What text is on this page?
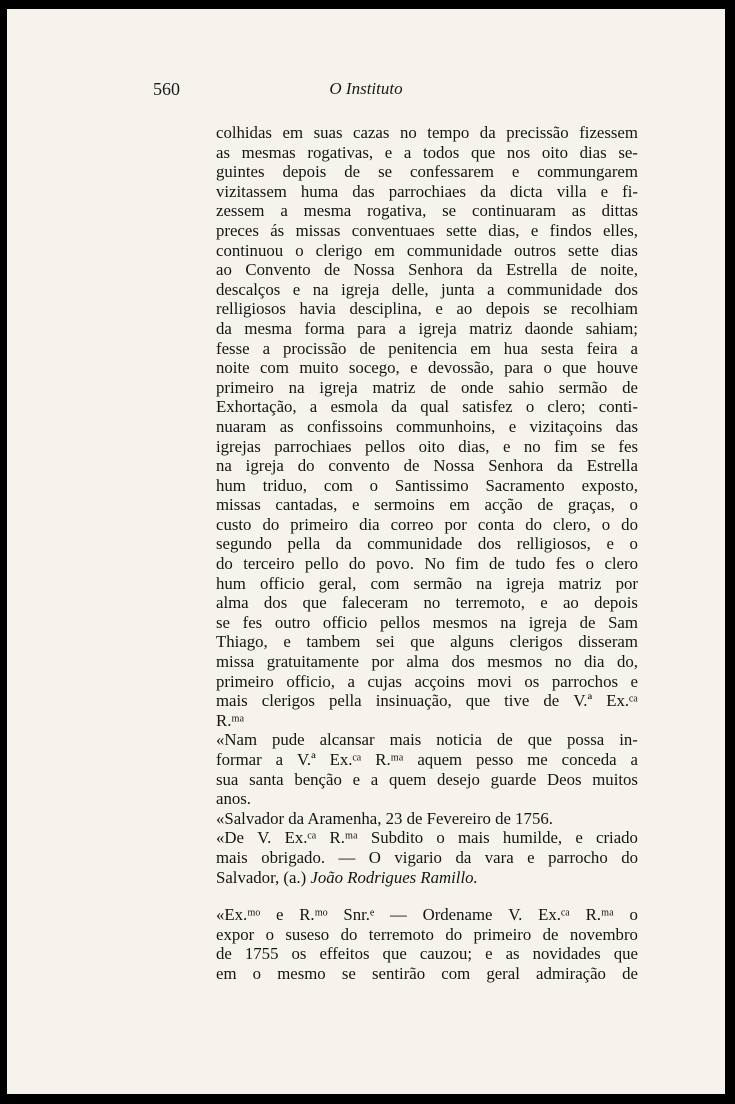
560	O Instituto
colhidas em suas cazas no tempo da precissão fizessem
as mesmas rogativas, e a todos que nos oito dias se-
guintes depois de se confessarem e commungarem
vizitassem huma das parrochiaes da dicta villa e fi-
zessem a mesma rogativa, se continuaram as dittas
preces ás missas conventuaes sette dias, e findos elles,
continuou o clerigo em communidade outros sette dias
ao Convento de Nossa Senhora da Estrella de noite,
descalços e na igreja delle, junta a communidade dos
relligiosos havia desciplina, e ao depois se recolhiam
da mesma forma para a igreja matriz daonde sahiam;
fesse a procissão de penitencia em hua sesta feira a
noite com muito socego, e devossão, para o que houve
primeiro na igreja matriz de onde sahio sermão de
Exhortação, a esmola da qual satisfez o clero; conti-
nuaram as confissoins communhoins, e vizitaçoins das
igrejas parrochiaes pellos oito dias, e no fim se fes
na igreja do convento de Nossa Senhora da Estrella
hum triduo, com o Santissimo Sacramento exposto,
missas cantadas, e sermoins em acção de graças, o
custo do primeiro dia correo por conta do clero, o do
segundo pella da communidade dos relligiosos, e o
do terceiro pello do povo. No fim de tudo fes o clero
hum officio geral, com sermão na igreja matriz por
alma dos que faleceram no terremoto, e ao depois
se fes outro officio pellos mesmos na igreja de Sam
Thiago, e tambem sei que alguns clerigos disseram
missa gratuitamente por alma dos mesmos no dia do,
primeiro officio, a cujas acçoins movi os parrochos e
mais clerigos pella insinuação, que tive de V.ª Ex.ᶜᵃ
R.ᵐᵃ
«Nam pude alcansar mais noticia de que possa in-
formar a V.ª Ex.ᶜᵃ R.ᵐᵃ aquem pesso me conceda a
sua santa benção e a quem desejo guarde Deos muitos
anos.
«Salvador da Aramenha, 23 de Fevereiro de 1756.
«De V. Ex.ᶜᵃ R.ᵐᵃ Subdito o mais humilde, e criado
mais obrigado. — O vigario da vara e parrocho do
Salvador, (a.) João Rodrigues Ramillo.
«Ex.ᵐᵒ e R.ᵐᵒ Snr.ᵉ — Ordename V. Ex.ᶜᵃ R.ᵐᵃ o
expor o suseso do terremoto do primeiro de novembro
de 1755 os effeitos que cauzou; e as novidades que
em o mesmo se sentirão com geral admiração de
